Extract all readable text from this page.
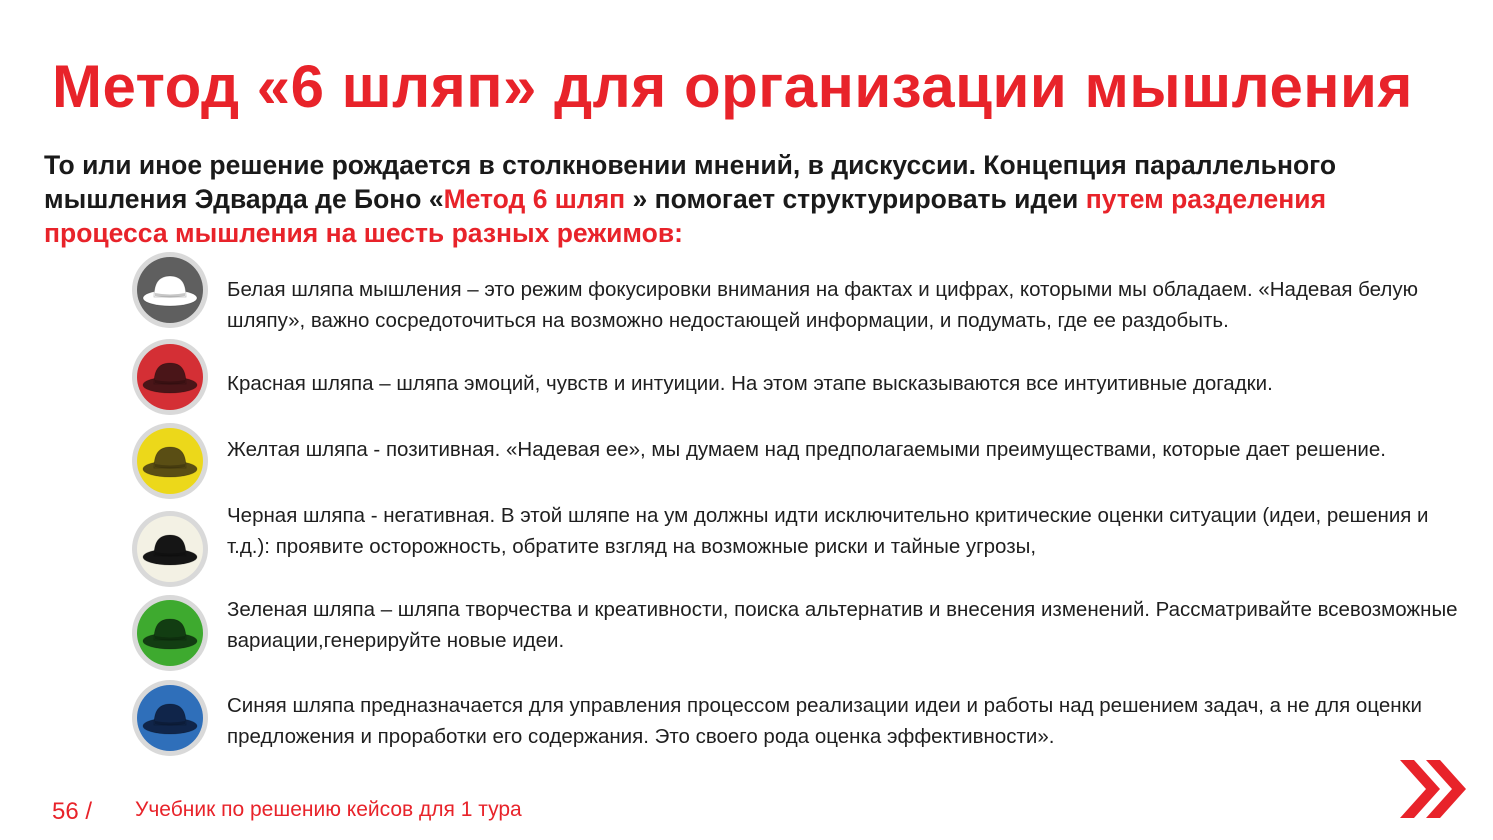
Метод «6 шляп» для организации мышления

То или иное решение рождается в столкновении мнений, в дискуссии. Концепция параллельного мышления Эдварда де Боно «Метод 6 шляп » помогает структурировать идеи путем разделения процесса мышления на шесть разных режимов:

Белая шляпа мышления – это режим фокусировки внимания на фактах и цифрах, которыми мы обладаем. «Надевая белую шляпу», важно сосредоточиться на возможно недостающей информации, и подумать, где ее раздобыть.

Красная шляпа – шляпа эмоций, чувств и интуиции. На этом этапе высказываются все интуитивные догадки.

Желтая шляпа - позитивная. «Надевая ее», мы думаем над предполагаемыми преимуществами, которые дает решение.

Черная шляпа - негативная. В этой шляпе на ум должны идти исключительно критические оценки ситуации (идеи, решения и т.д.): проявите осторожность, обратите взгляд на возможные риски и тайные угрозы,

Зеленая шляпа – шляпа творчества и креативности, поиска альтернатив и внесения изменений. Рассматривайте всевозможные вариации,генерируйте новые идеи.

Синяя шляпа предназначается для управления процессом реализации идеи и работы над решением задач, а не для оценки предложения и проработки его содержания. Это своего рода оценка эффективности».

56 / Учебник по решению кейсов для 1 тура
